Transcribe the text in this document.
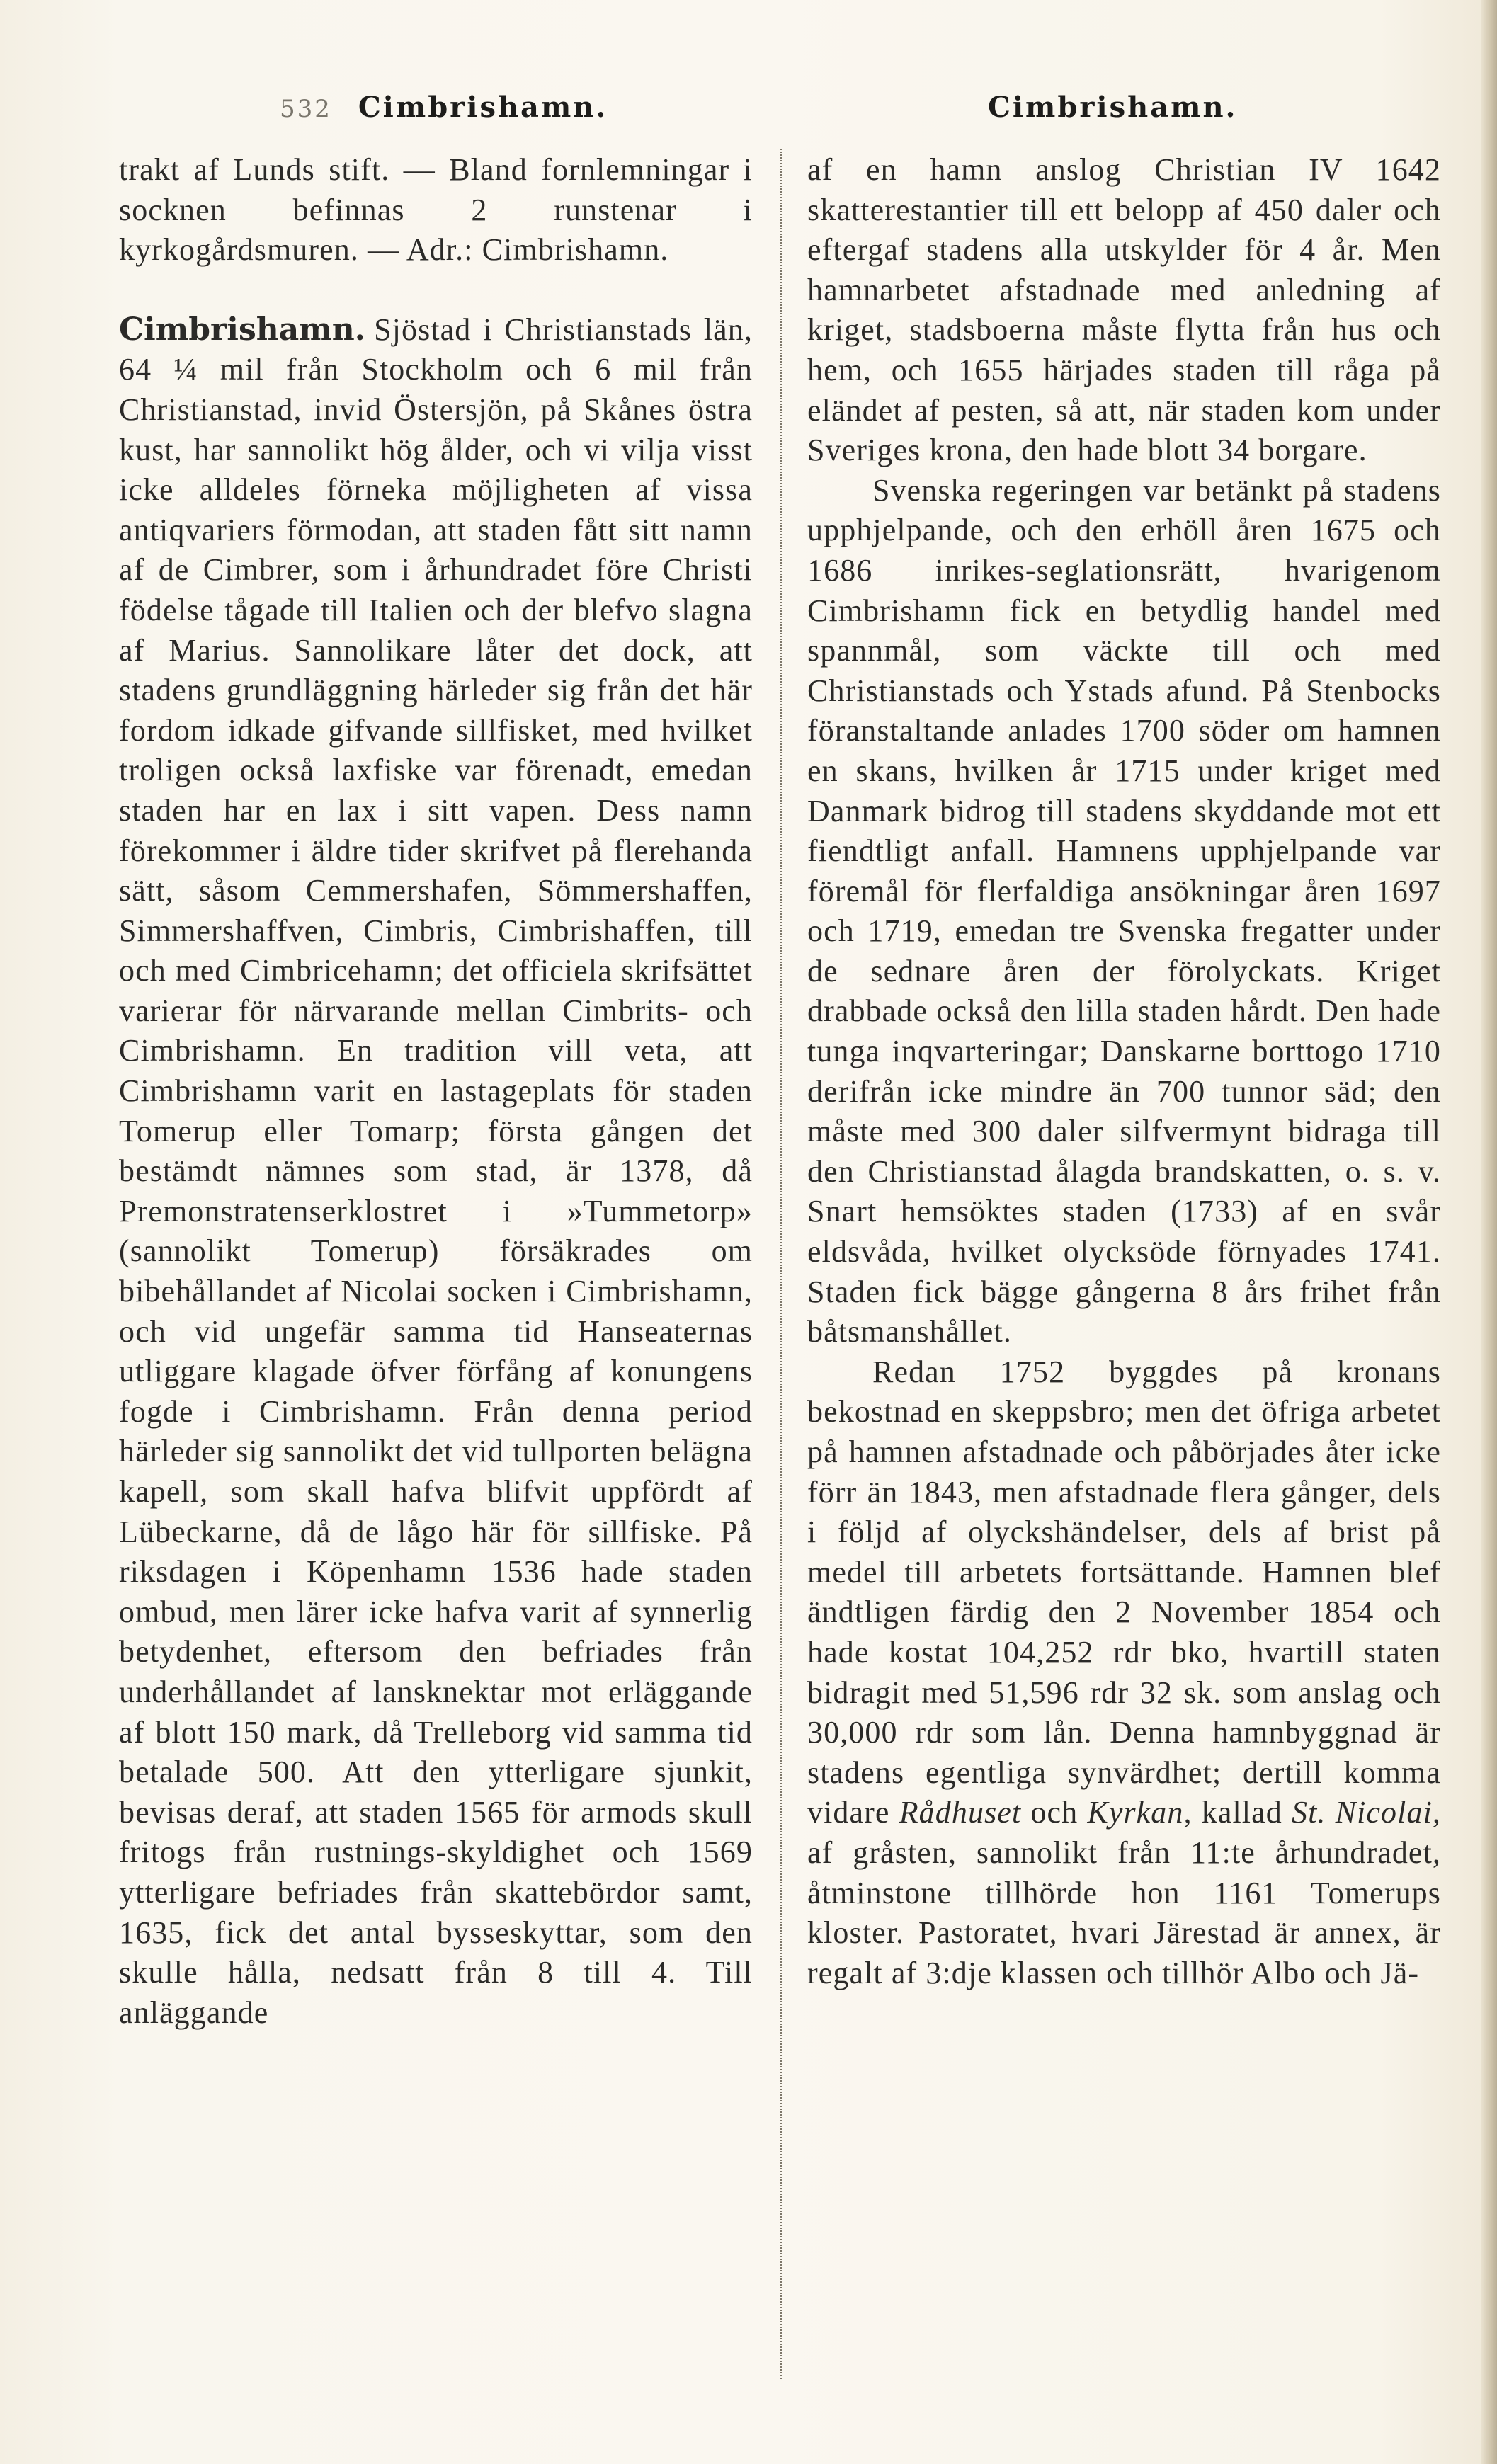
532 Cimbrishamn.	Cimbrishamn.

trakt af Lunds stift. — Bland fornlemningar i socknen befinnas 2 runstenar i kyrkogårdsmuren. — Adr.: Cimbrishamn.

Cimbrishamn. Sjöstad i Christianstads län, 64 ¼ mil från Stockholm och 6 mil från Christianstad, invid Östersjön, på Skånes östra kust, har sannolikt hög ålder, och vi vilja visst icke alldeles förneka möjligheten af vissa antiqvariers förmodan, att staden fått sitt namn af de Cimbrer, som i århundradet före Christi födelse tågade till Italien och der blefvo slagna af Marius. Sannolikare låter det dock, att stadens grundläggning härleder sig från det här fordom idkade gifvande sillfisket, med hvilket troligen också laxfiske var förenadt, emedan staden har en lax i sitt vapen. Dess namn förekommer i äldre tider skrifvet på flerehanda sätt, såsom Cemmershafen, Sömmershaffen, Simmershaffven, Cimbris, Cimbrishaffen, till och med Cimbricehamn; det officiela skrifsättet varierar för närvarande mellan Cimbrits- och Cimbrishamn. En tradition vill veta, att Cimbrishamn varit en lastageplats för staden Tomerup eller Tomarp; första gången det bestämdt nämnes som stad, är 1378, då Premonstratenserklostret i »Tummetorp» (sannolikt Tomerup) försäkrades om bibehållandet af Nicolai socken i Cimbrishamn, och vid ungefär samma tid Hanseaternas utliggare klagade öfver förfång af konungens fogde i Cimbrishamn. Från denna period härleder sig sannolikt det vid tullporten belägna kapell, som skall hafva blifvit uppfördt af Lübeckarne, då de lågo här för sillfiske. På riksdagen i Köpenhamn 1536 hade staden ombud, men lärer icke hafva varit af synnerlig betydenhet, eftersom den befriades från underhållandet af lansknektar mot erläggande af blott 150 mark, då Trelleborg vid samma tid betalade 500. Att den ytterligare sjunkit, bevisas deraf, att staden 1565 för armods skull fritogs från rustnings-skyldighet och 1569 ytterligare befriades från skattebördor samt, 1635, fick det antal bysseskyttar, som den skulle hålla, nedsatt från 8 till 4. Till anläggande

af en hamn anslog Christian IV 1642 skatterestantier till ett belopp af 450 daler och eftergaf stadens alla utskylder för 4 år. Men hamnarbetet afstadnade med anledning af kriget, stadsboerna måste flytta från hus och hem, och 1655 härjades staden till råga på eländet af pesten, så att, när staden kom under Sveriges krona, den hade blott 34 borgare.

Svenska regeringen var betänkt på stadens upphjelpande, och den erhöll åren 1675 och 1686 inrikes-seglationsrätt, hvarigenom Cimbrishamn fick en betydlig handel med spannmål, som väckte till och med Christianstads och Ystads afund. På Stenbocks föranstaltande anlades 1700 söder om hamnen en skans, hvilken år 1715 under kriget med Danmark bidrog till stadens skyddande mot ett fiendtligt anfall. Hamnens upphjelpande var föremål för flerfaldiga ansökningar åren 1697 och 1719, emedan tre Svenska fregatter under de sednare åren der förolyckats. Kriget drabbade också den lilla staden hårdt. Den hade tunga inqvarteringar; Danskarne borttogo 1710 derifrån icke mindre än 700 tunnor säd; den måste med 300 daler silfvermynt bidraga till den Christianstad ålagda brandskatten, o. s. v. Snart hemsöktes staden (1733) af en svår eldsvåda, hvilket olycksöde förnyades 1741. Staden fick bägge gångerna 8 års frihet från båtsmanshållet.

Redan 1752 byggdes på kronans bekostnad en skeppsbro; men det öfriga arbetet på hamnen afstadnade och påbörjades åter icke förr än 1843, men afstadnade flera gånger, dels i följd af olyckshändelser, dels af brist på medel till arbetets fortsättande. Hamnen blef ändtligen färdig den 2 November 1854 och hade kostat 104,252 rdr bko, hvartill staten bidragit med 51,596 rdr 32 sk. som anslag och 30,000 rdr som lån. Denna hamnbyggnad är stadens egentliga synvärdhet; dertill komma vidare Rådhuset och Kyrkan, kallad St. Nicolai, af gråsten, sannolikt från 11:te århundradet, åtminstone tillhörde hon 1161 Tomerups kloster. Pastoratet, hvari Järestad är annex, är regalt af 3:dje klassen och tillhör Albo och Jä-
